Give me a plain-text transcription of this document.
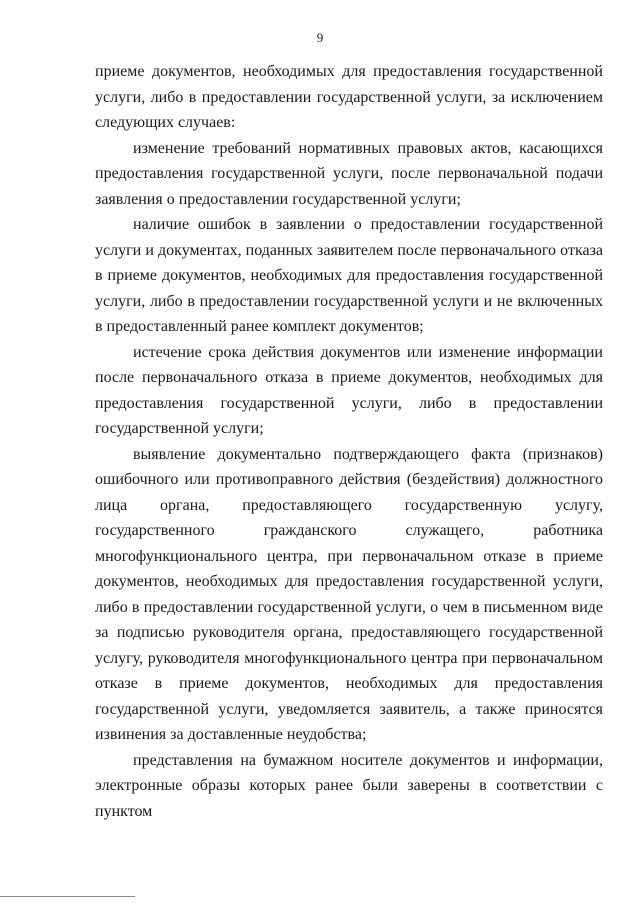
9

приеме документов, необходимых для предоставления государственной услуги, либо в предоставлении государственной услуги, за исключением следующих случаев:

изменение требований нормативных правовых актов, касающихся предоставления государственной услуги, после первоначальной подачи заявления о предоставлении государственной услуги;

наличие ошибок в заявлении о предоставлении государственной услуги и документах, поданных заявителем после первоначального отказа в приеме документов, необходимых для предоставления государственной услуги, либо в предоставлении государственной услуги и не включенных в предоставленный ранее комплект документов;

истечение срока действия документов или изменение информации после первоначального отказа в приеме документов, необходимых для предоставления государственной услуги, либо в предоставлении государственной услуги;

выявление документально подтверждающего факта (признаков) ошибочного или противоправного действия (бездействия) должностного лица органа, предоставляющего государственную услугу, государственного гражданского служащего, работника многофункционального центра, при первоначальном отказе в приеме документов, необходимых для предоставления государственной услуги, либо в предоставлении государственной услуги, о чем в письменном виде за подписью руководителя органа, предоставляющего государственной услугу, руководителя многофункционального центра при первоначальном отказе в приеме документов, необходимых для предоставления государственной услуги, уведомляется заявитель, а также приносятся извинения за доставленные неудобства;

представления на бумажном носителе документов и информации, электронные образы которых ранее были заверены в соответствии с пунктом
